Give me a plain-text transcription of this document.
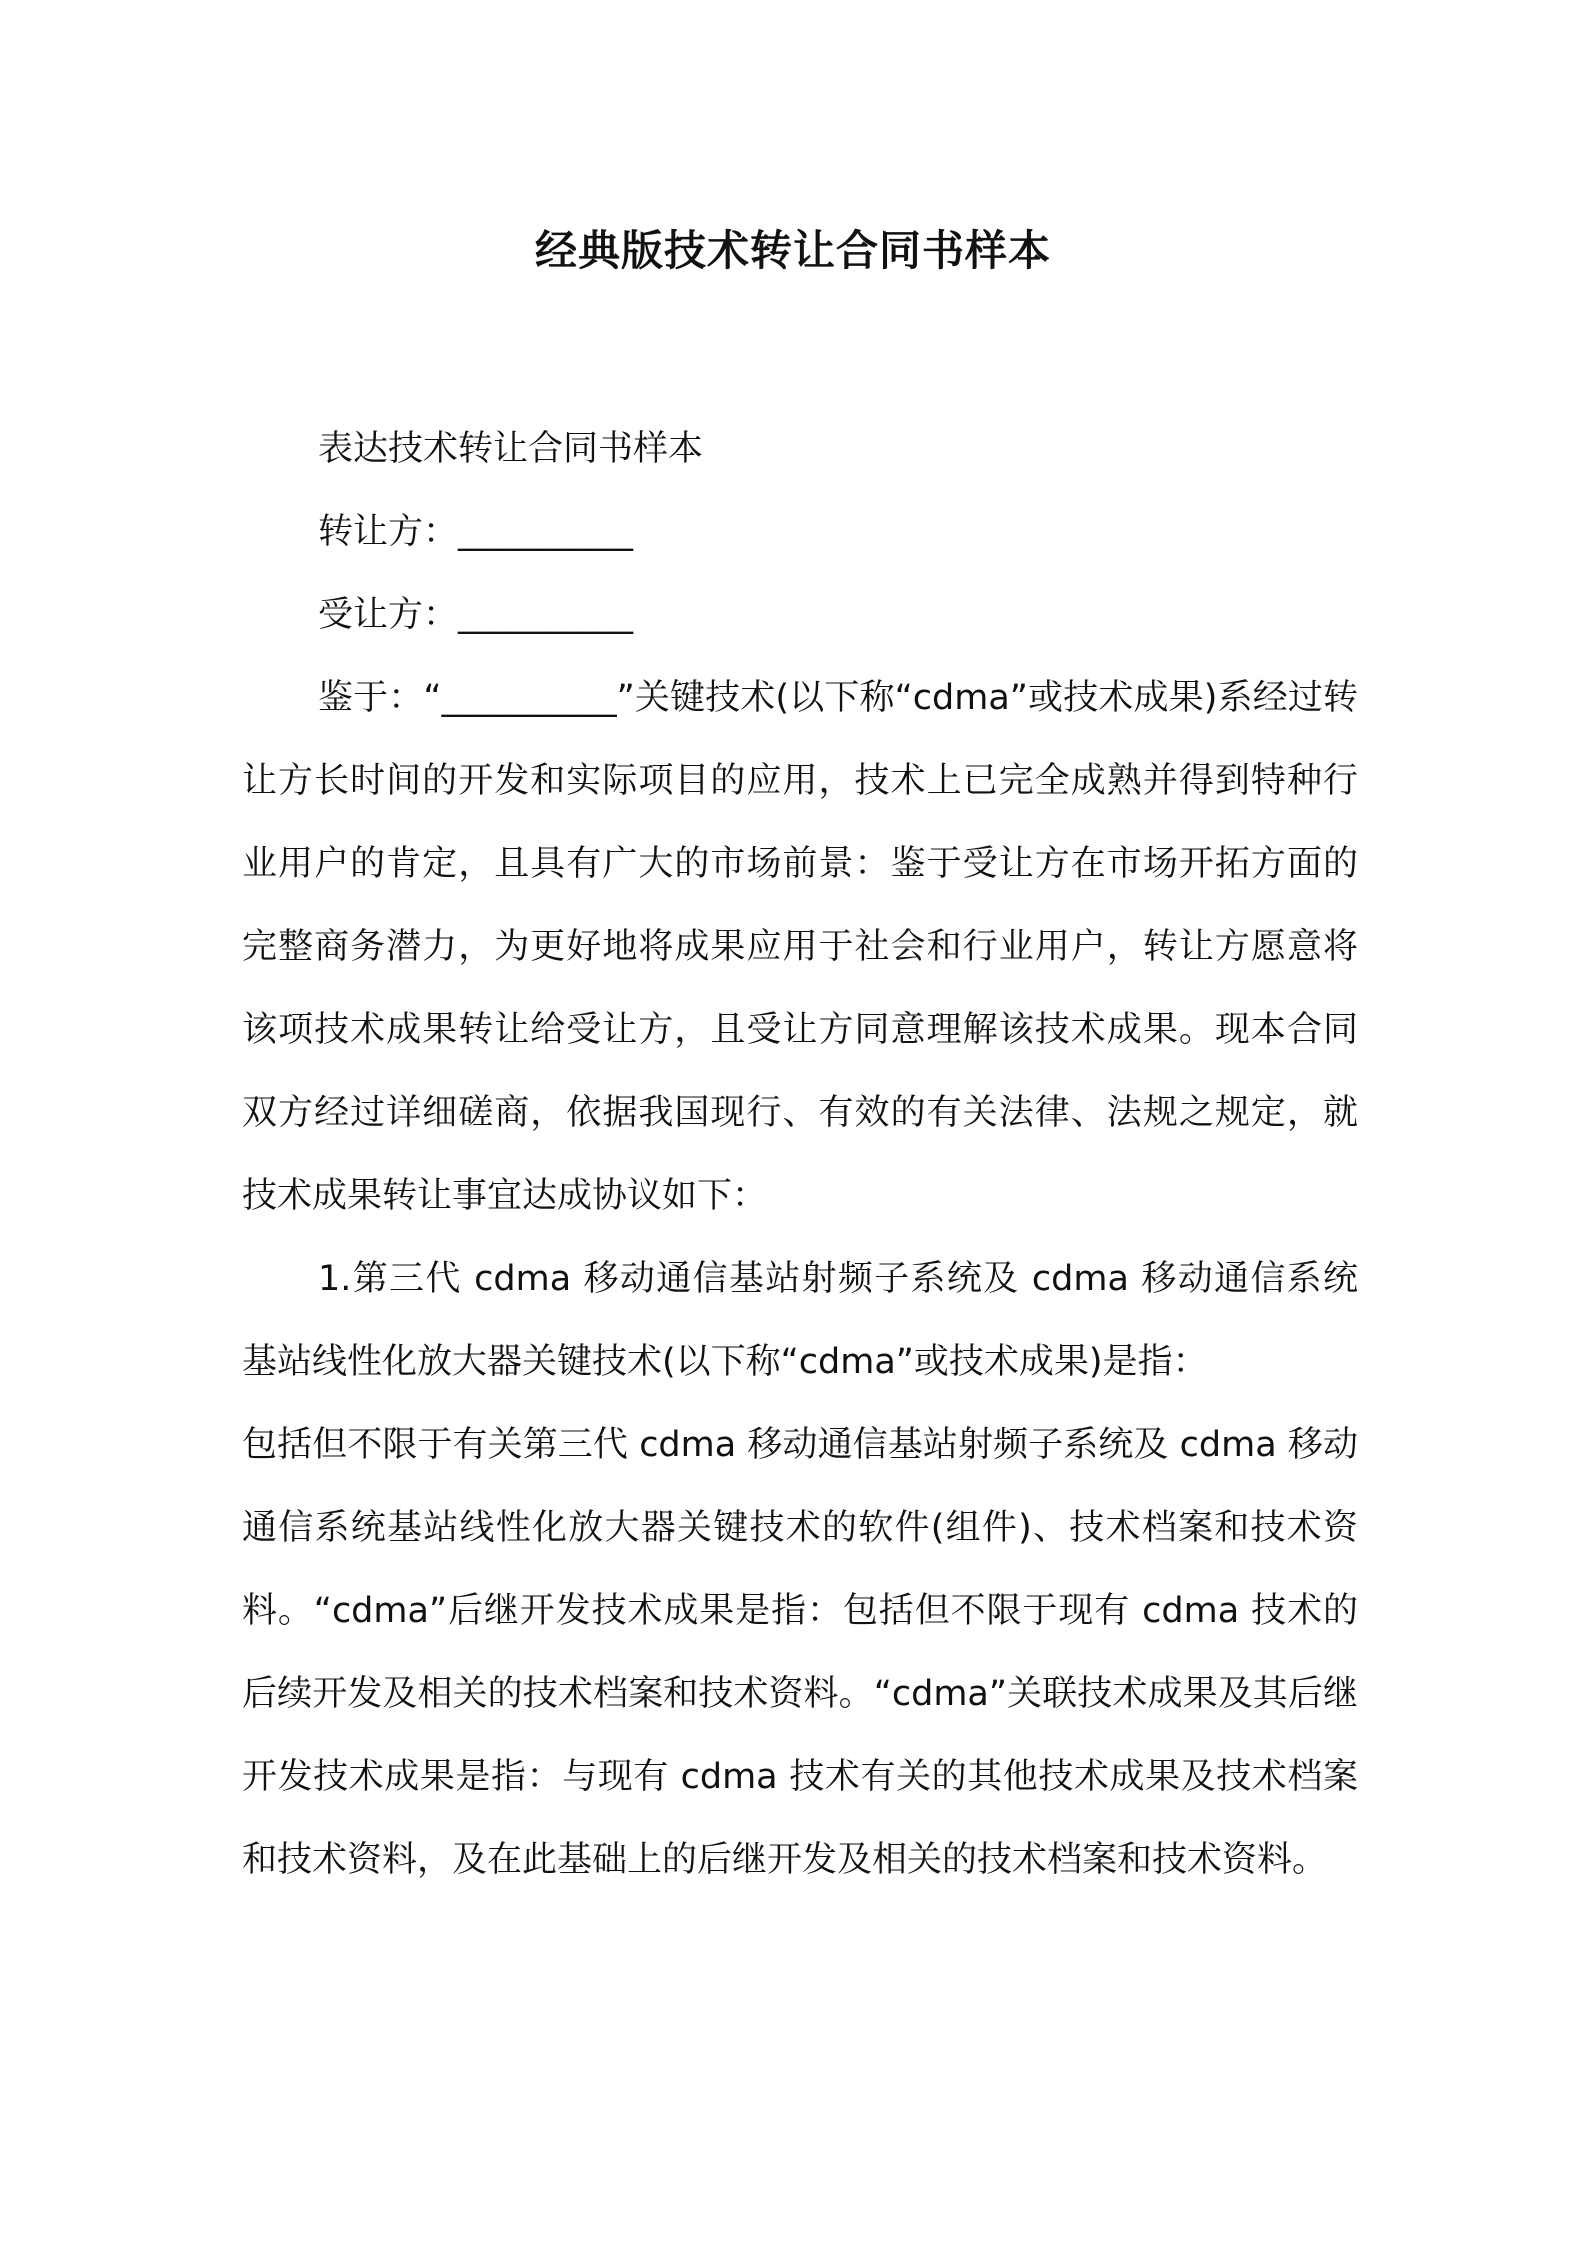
经典版技术转让合同书样本

表达技术转让合同书样本

转让方：__________

受让方：__________

鉴于：“__________”关键技术(以下称“cdma”或技术成果)系经过转让方长时间的开发和实际项目的应用，技术上已完全成熟并得到特种行业用户的肯定，且具有广大的市场前景：鉴于受让方在市场开拓方面的完整商务潜力，为更好地将成果应用于社会和行业用户，转让方愿意将该项技术成果转让给受让方，且受让方同意理解该技术成果。现本合同双方经过详细磋商，依据我国现行、有效的有关法律、法规之规定，就技术成果转让事宜达成协议如下：

1.第三代 cdma 移动通信基站射频子系统及 cdma 移动通信系统基站线性化放大器关键技术(以下称“cdma”或技术成果)是指：

包括但不限于有关第三代 cdma 移动通信基站射频子系统及 cdma 移动通信系统基站线性化放大器关键技术的软件(组件)、技术档案和技术资料。“cdma”后继开发技术成果是指：包括但不限于现有 cdma 技术的后续开发及相关的技术档案和技术资料。“cdma”关联技术成果及其后继开发技术成果是指：与现有 cdma 技术有关的其他技术成果及技术档案和技术资料，及在此基础上的后继开发及相关的技术档案和技术资料。
